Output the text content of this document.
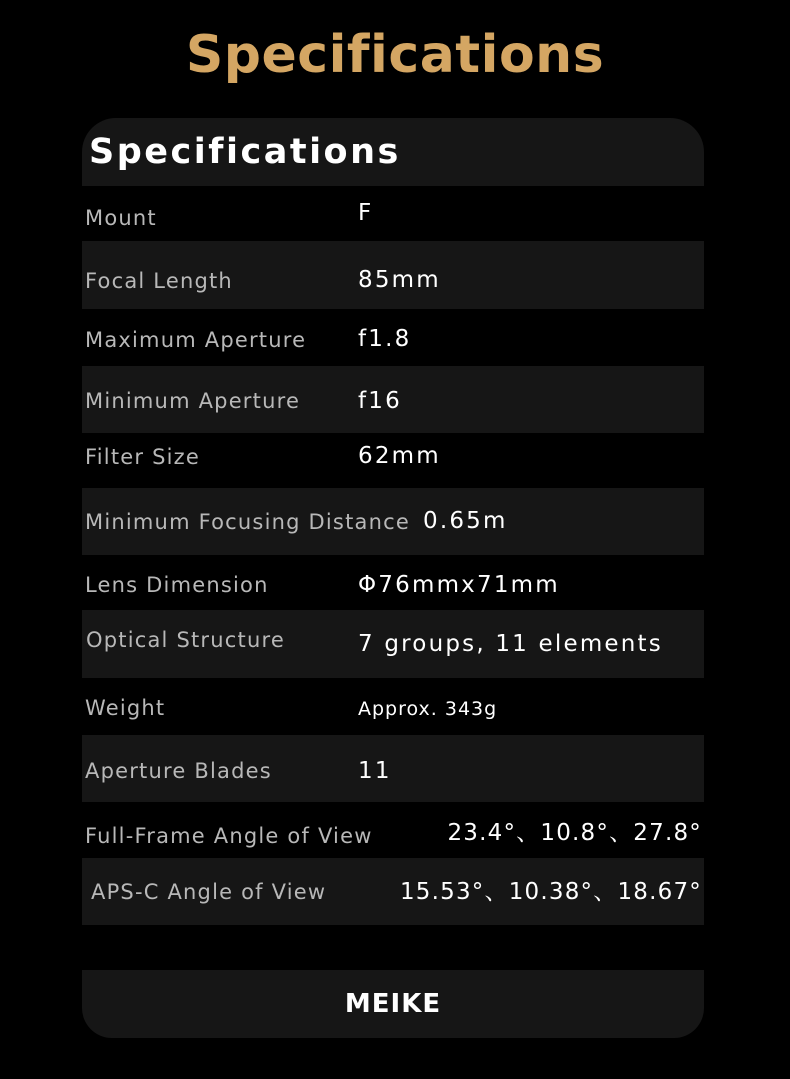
Specifications
Specifications
Mount	F
Focal Length	85mm
Maximum Aperture f1.8
Minimum Aperture	f16
Filter Size	62mm
Minimum Focusing Distance 0.65m
Lens Dimension	Φ76mmx71mm
Optical Structure	7 groups, 11 elements
Weight	Approx. 343g
Aperture Blades	11
Full-Frame Angle of View	23.4°、10.8°、27.8°
APS-C Angle of View	15.53°、10.38°、18.67°
MEIKE
